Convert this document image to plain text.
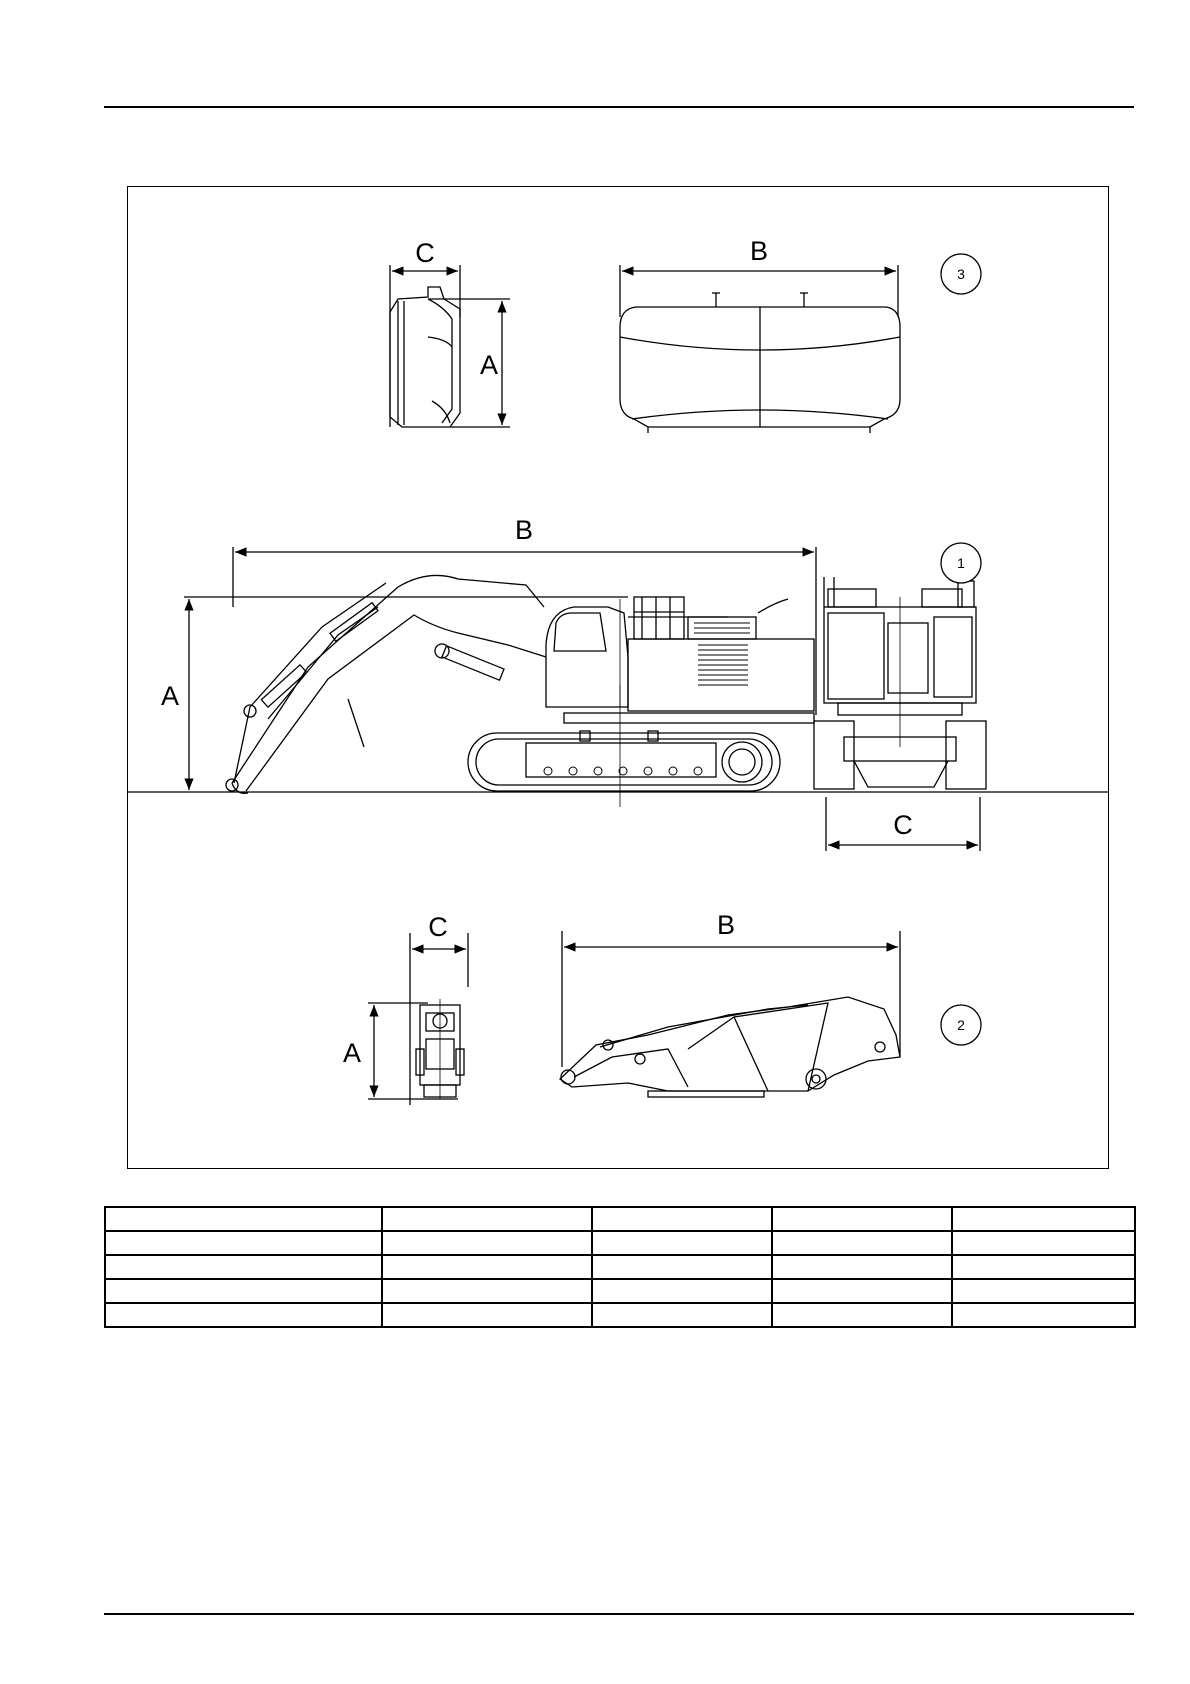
C	B
A
B
A
C
C	B
A
3
1
2
